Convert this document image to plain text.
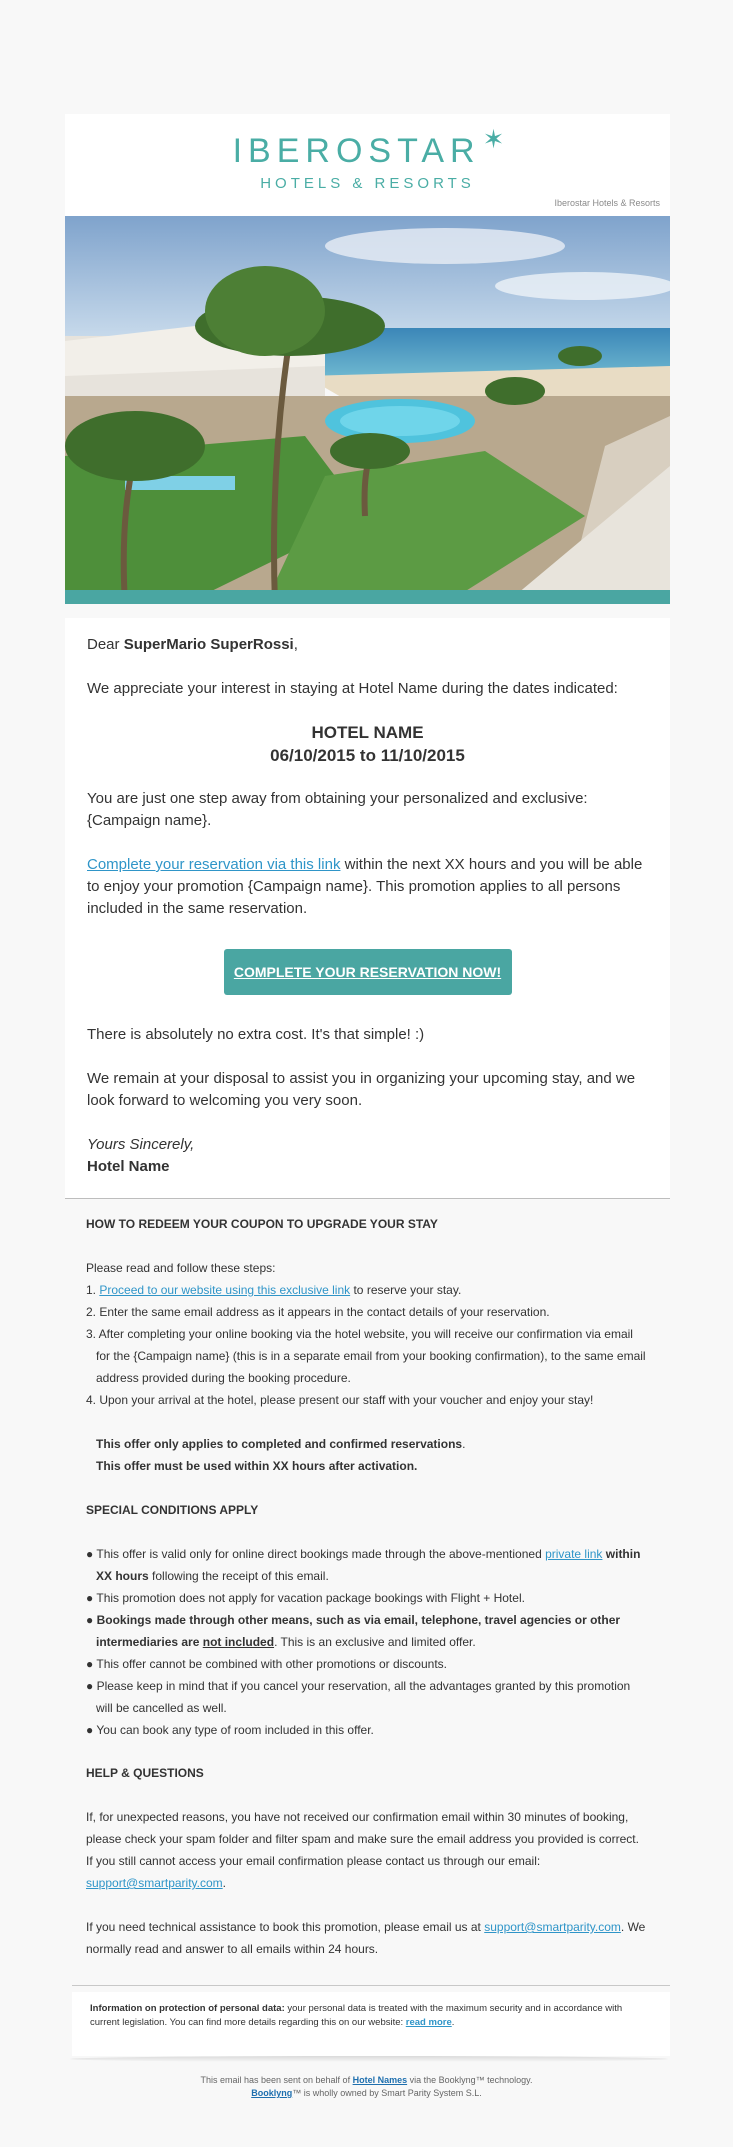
IBEROSTAR✶
HOTELS & RESORTS
Iberostar Hotels & Resorts

Dear SuperMario SuperRossi,

We appreciate your interest in staying at Hotel Name during the dates indicated:

HOTEL NAME
06/10/2015 to 11/10/2015

You are just one step away from obtaining your personalized and exclusive: {Campaign name}.

Complete your reservation via this link within the next XX hours and you will be able to enjoy your promotion {Campaign name}. This promotion applies to all persons included in the same reservation.

COMPLETE YOUR RESERVATION NOW!

There is absolutely no extra cost. It's that simple! :)

We remain at your disposal to assist you in organizing your upcoming stay, and we look forward to welcoming you very soon.

Yours Sincerely,

Hotel Name

HOW TO REDEEM YOUR COUPON TO UPGRADE YOUR STAY

Please read and follow these steps:

1. Proceed to our website using this exclusive link to reserve your stay.
2. Enter the same email address as it appears in the contact details of your reservation.
3. After completing your online booking via the hotel website, you will receive our confirmation via email
for the {Campaign name} (this is in a separate email from your booking confirmation), to the same email
address provided during the booking procedure.
4. Upon your arrival at the hotel, please present our staff with your voucher and enjoy your stay!
This offer only applies to completed and confirmed reservations.
This offer must be used within XX hours after activation.
SPECIAL CONDITIONS APPLY
● This offer is valid only for online direct bookings made through the above-mentioned private link within
XX hours following the receipt of this email.
● This promotion does not apply for vacation package bookings with Flight + Hotel.
● Bookings made through other means, such as via email, telephone, travel agencies or other
intermediaries are not included. This is an exclusive and limited offer.
● This offer cannot be combined with other promotions or discounts.
● Please keep in mind that if you cancel your reservation, all the advantages granted by this promotion
will be cancelled as well.
● You can book any type of room included in this offer.
HELP & QUESTIONS
If, for unexpected reasons, you have not received our confirmation email within 30 minutes of booking,
please check your spam folder and filter spam and make sure the email address you provided is correct.
If you still cannot access your email confirmation please contact us through our email:
support@smartparity.com.
If you need technical assistance to book this promotion, please email us at support@smartparity.com. We
normally read and answer to all emails within 24 hours.
Information on protection of personal data: your personal data is treated with the maximum security and in accordance with current legislation. You can find more details regarding this on our website: read more.
This email has been sent on behalf of Hotel Names via the Booklyng™ technology.
Booklyng™ is wholly owned by Smart Parity System S.L.
